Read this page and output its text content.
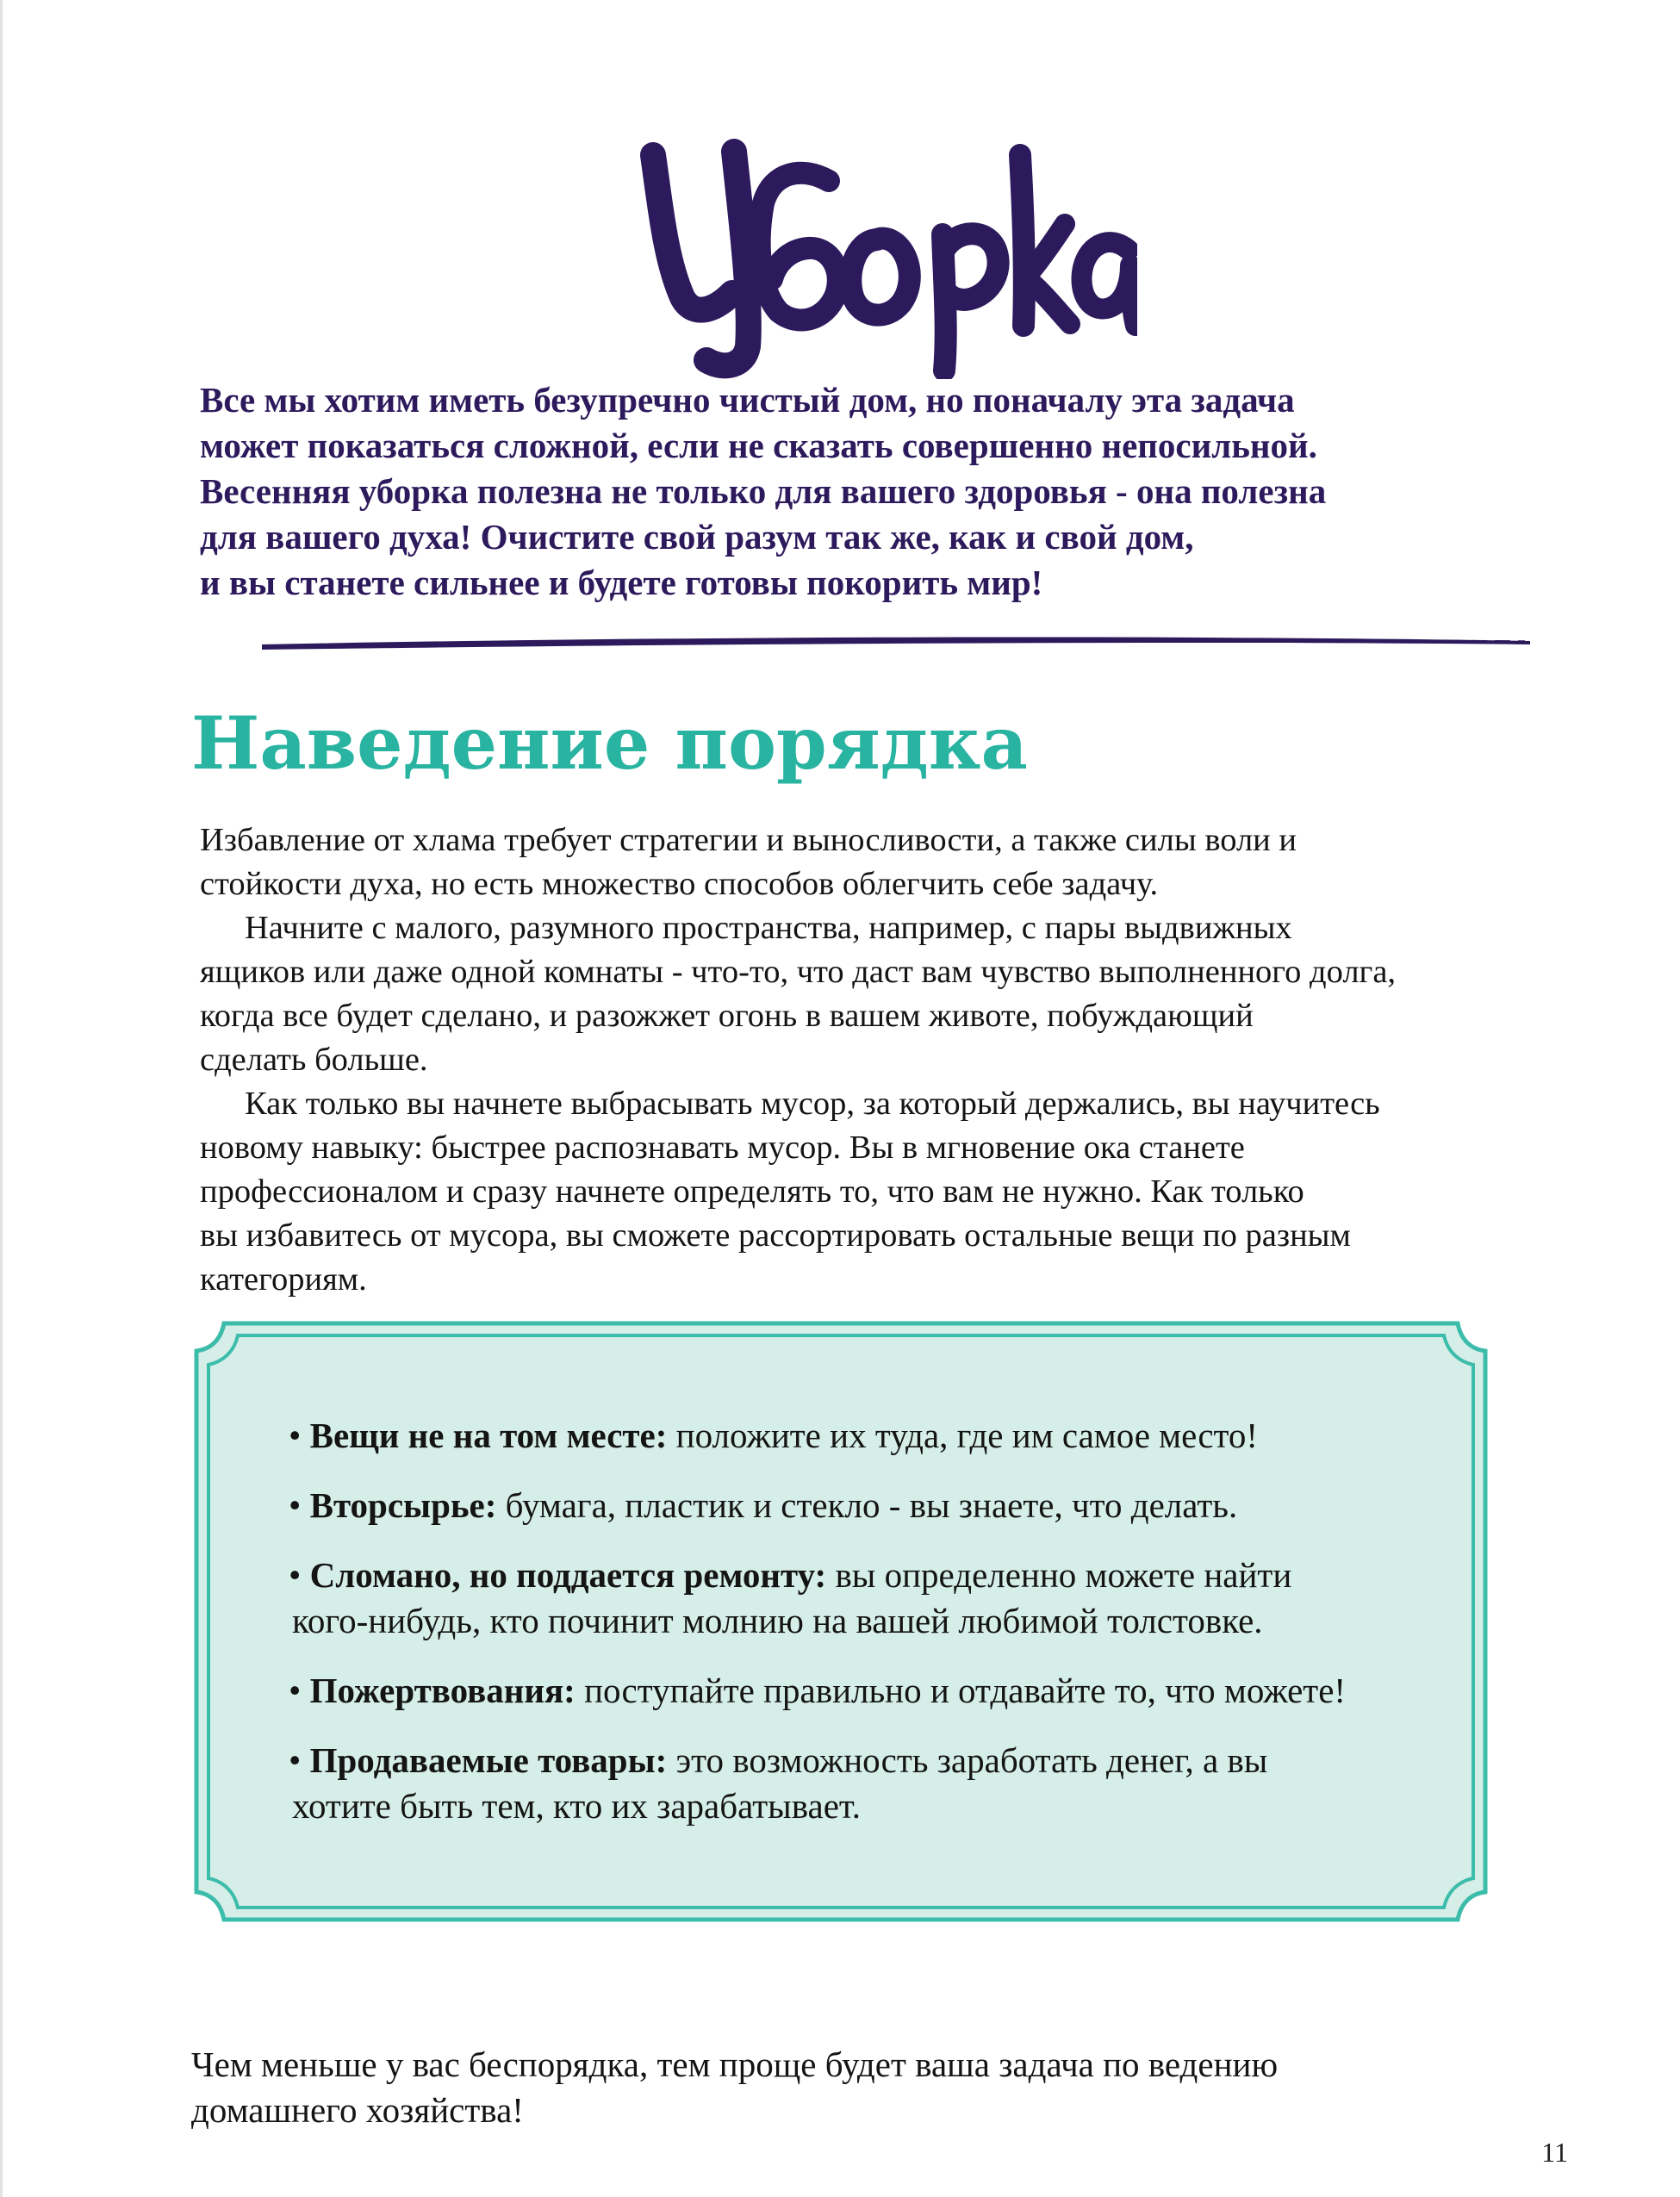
Все мы хотим иметь безупречно чистый дом, но поначалу эта задача
может показаться сложной, если не сказать совершенно непосильной.
Весенняя уборка полезна не только для вашего здоровья - она полезна
для вашего духа! Очистите свой разум так же, как и свой дом,
и вы станете сильнее и будете готовы покорить мир!
Наведение порядка
Избавление от хлама требует стратегии и выносливости, а также силы воли и
стойкости духа, но есть множество способов облегчить себе задачу.
Начните с малого, разумного пространства, например, с пары выдвижных
ящиков или даже одной комнаты - что-то, что даст вам чувство выполненного долга,
когда все будет сделано, и разожжет огонь в вашем животе, побуждающий
сделать больше.
Как только вы начнете выбрасывать мусор, за который держались, вы научитесь
новому навыку: быстрее распознавать мусор. Вы в мгновение ока станете
профессионалом и сразу начнете определять то, что вам не нужно. Как только
вы избавитесь от мусора, вы сможете рассортировать остальные вещи по разным
категориям.
• Вещи не на том месте: положите их туда, где им самое место!
• Вторсырье: бумага, пластик и стекло - вы знаете, что делать.
• Сломано, но поддается ремонту: вы определенно можете найти
кого-нибудь, кто починит молнию на вашей любимой толстовке.
• Пожертвования: поступайте правильно и отдавайте то, что можете!
• Продаваемые товары: это возможность заработать денег, а вы
хотите быть тем, кто их зарабатывает.
Чем меньше у вас беспорядка, тем проще будет ваша задача по ведению
домашнего хозяйства!
11
